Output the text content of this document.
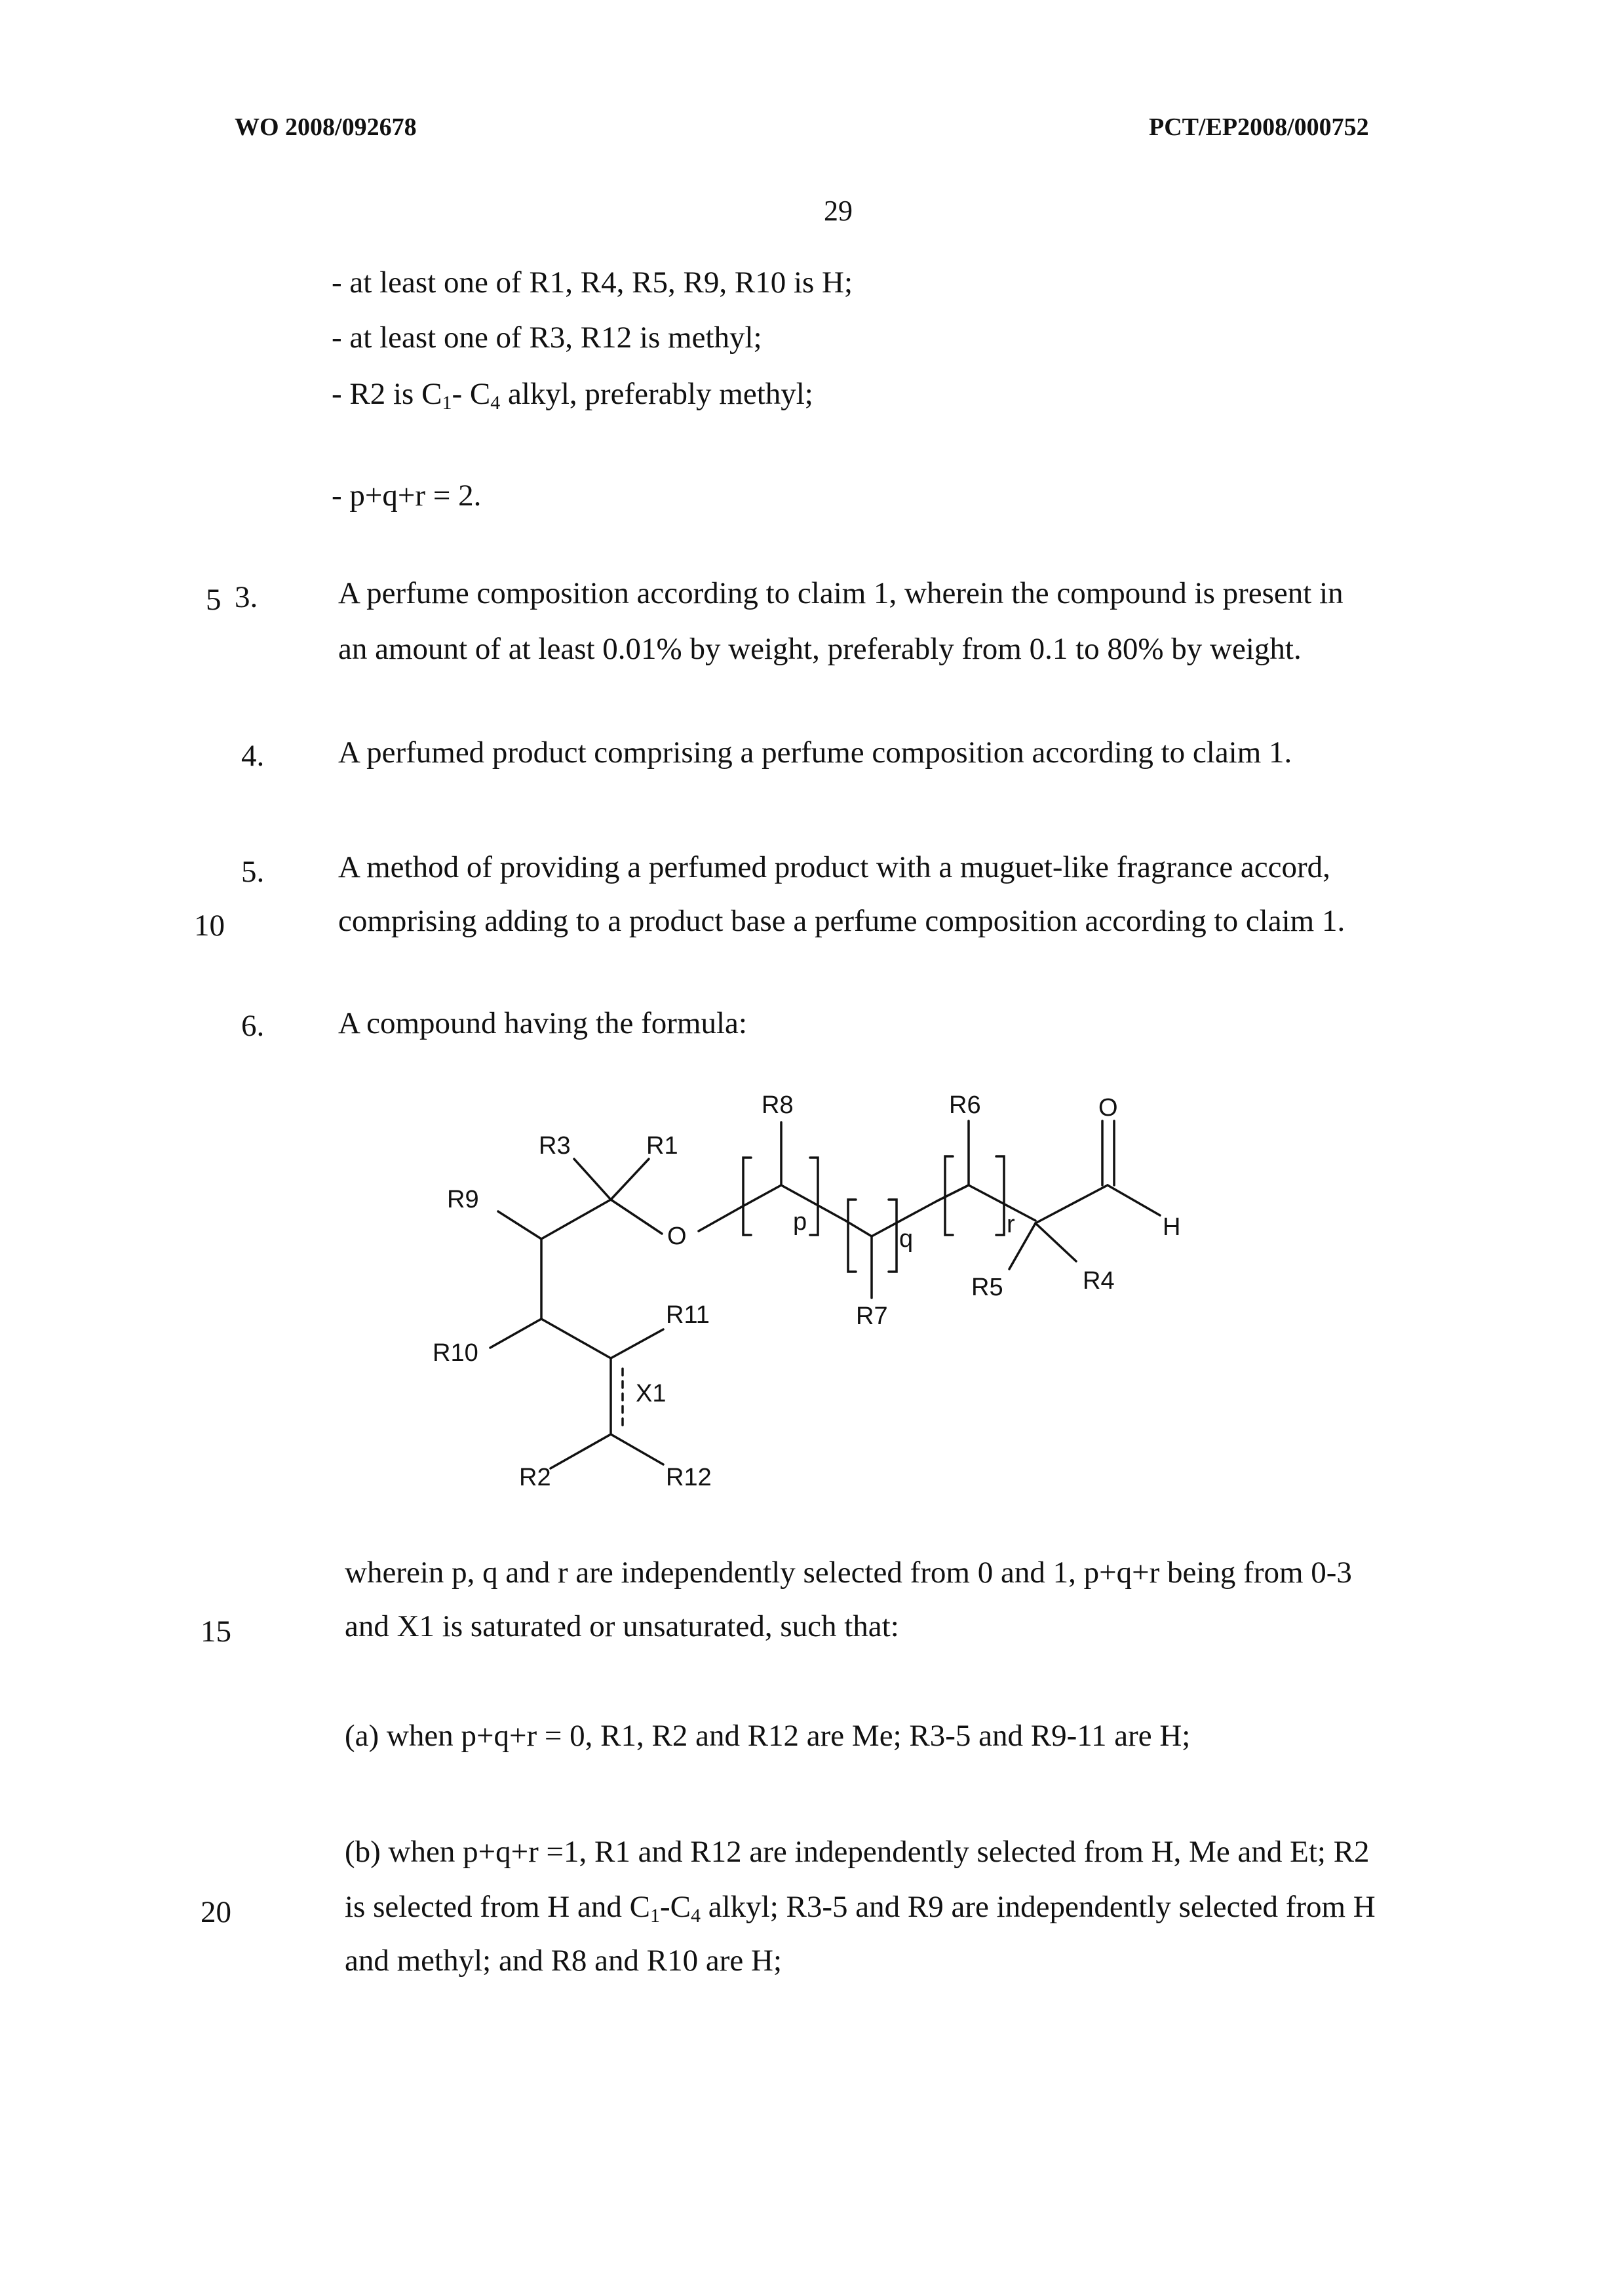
WO 2008/092678	PCT/EP2008/000752
29
- at least one of R1, R4, R5, R9, R10 is H;
- at least one of R3, R12 is methyl;
- R2 is $C_1-$ $C_4$ alkyl, preferably methyl;
- p+q+r = 2.
5 3.	A perfume composition according to claim 1, wherein the compound is present in
an amount of at least 0.01% by weight, preferably from 0.1 to 80% by weight.
4. A perfumed product comprising a perfume composition according to claim 1.
5. A method of providing a perfumed product with a muguet-like fragrance accord,
10	comprising adding to a product base a perfume composition according to claim 1.
6. A compound having the formula:
R3	R1
R8	R6	O
R9
O
p
q
r	H
R5	R4
R7
R11
R10
X1
R2	R12
wherein p, q and r are independently selected from 0 and 1, p+q+r being from 0-3
15	and X1 is saturated or unsaturated, such that:
(a) when p+q+r = 0, R1, R2 and R12 are Me; R3-5 and R9-11 are H;
(b) when p+q+r =1, R1 and R12 are independently selected from H, Me and Et; R2
20	is selected from H and $C_1-C_4$ alkyl; R3-5 and R9 are independently selected from H
and methyl; and R8 and R10 are H;
